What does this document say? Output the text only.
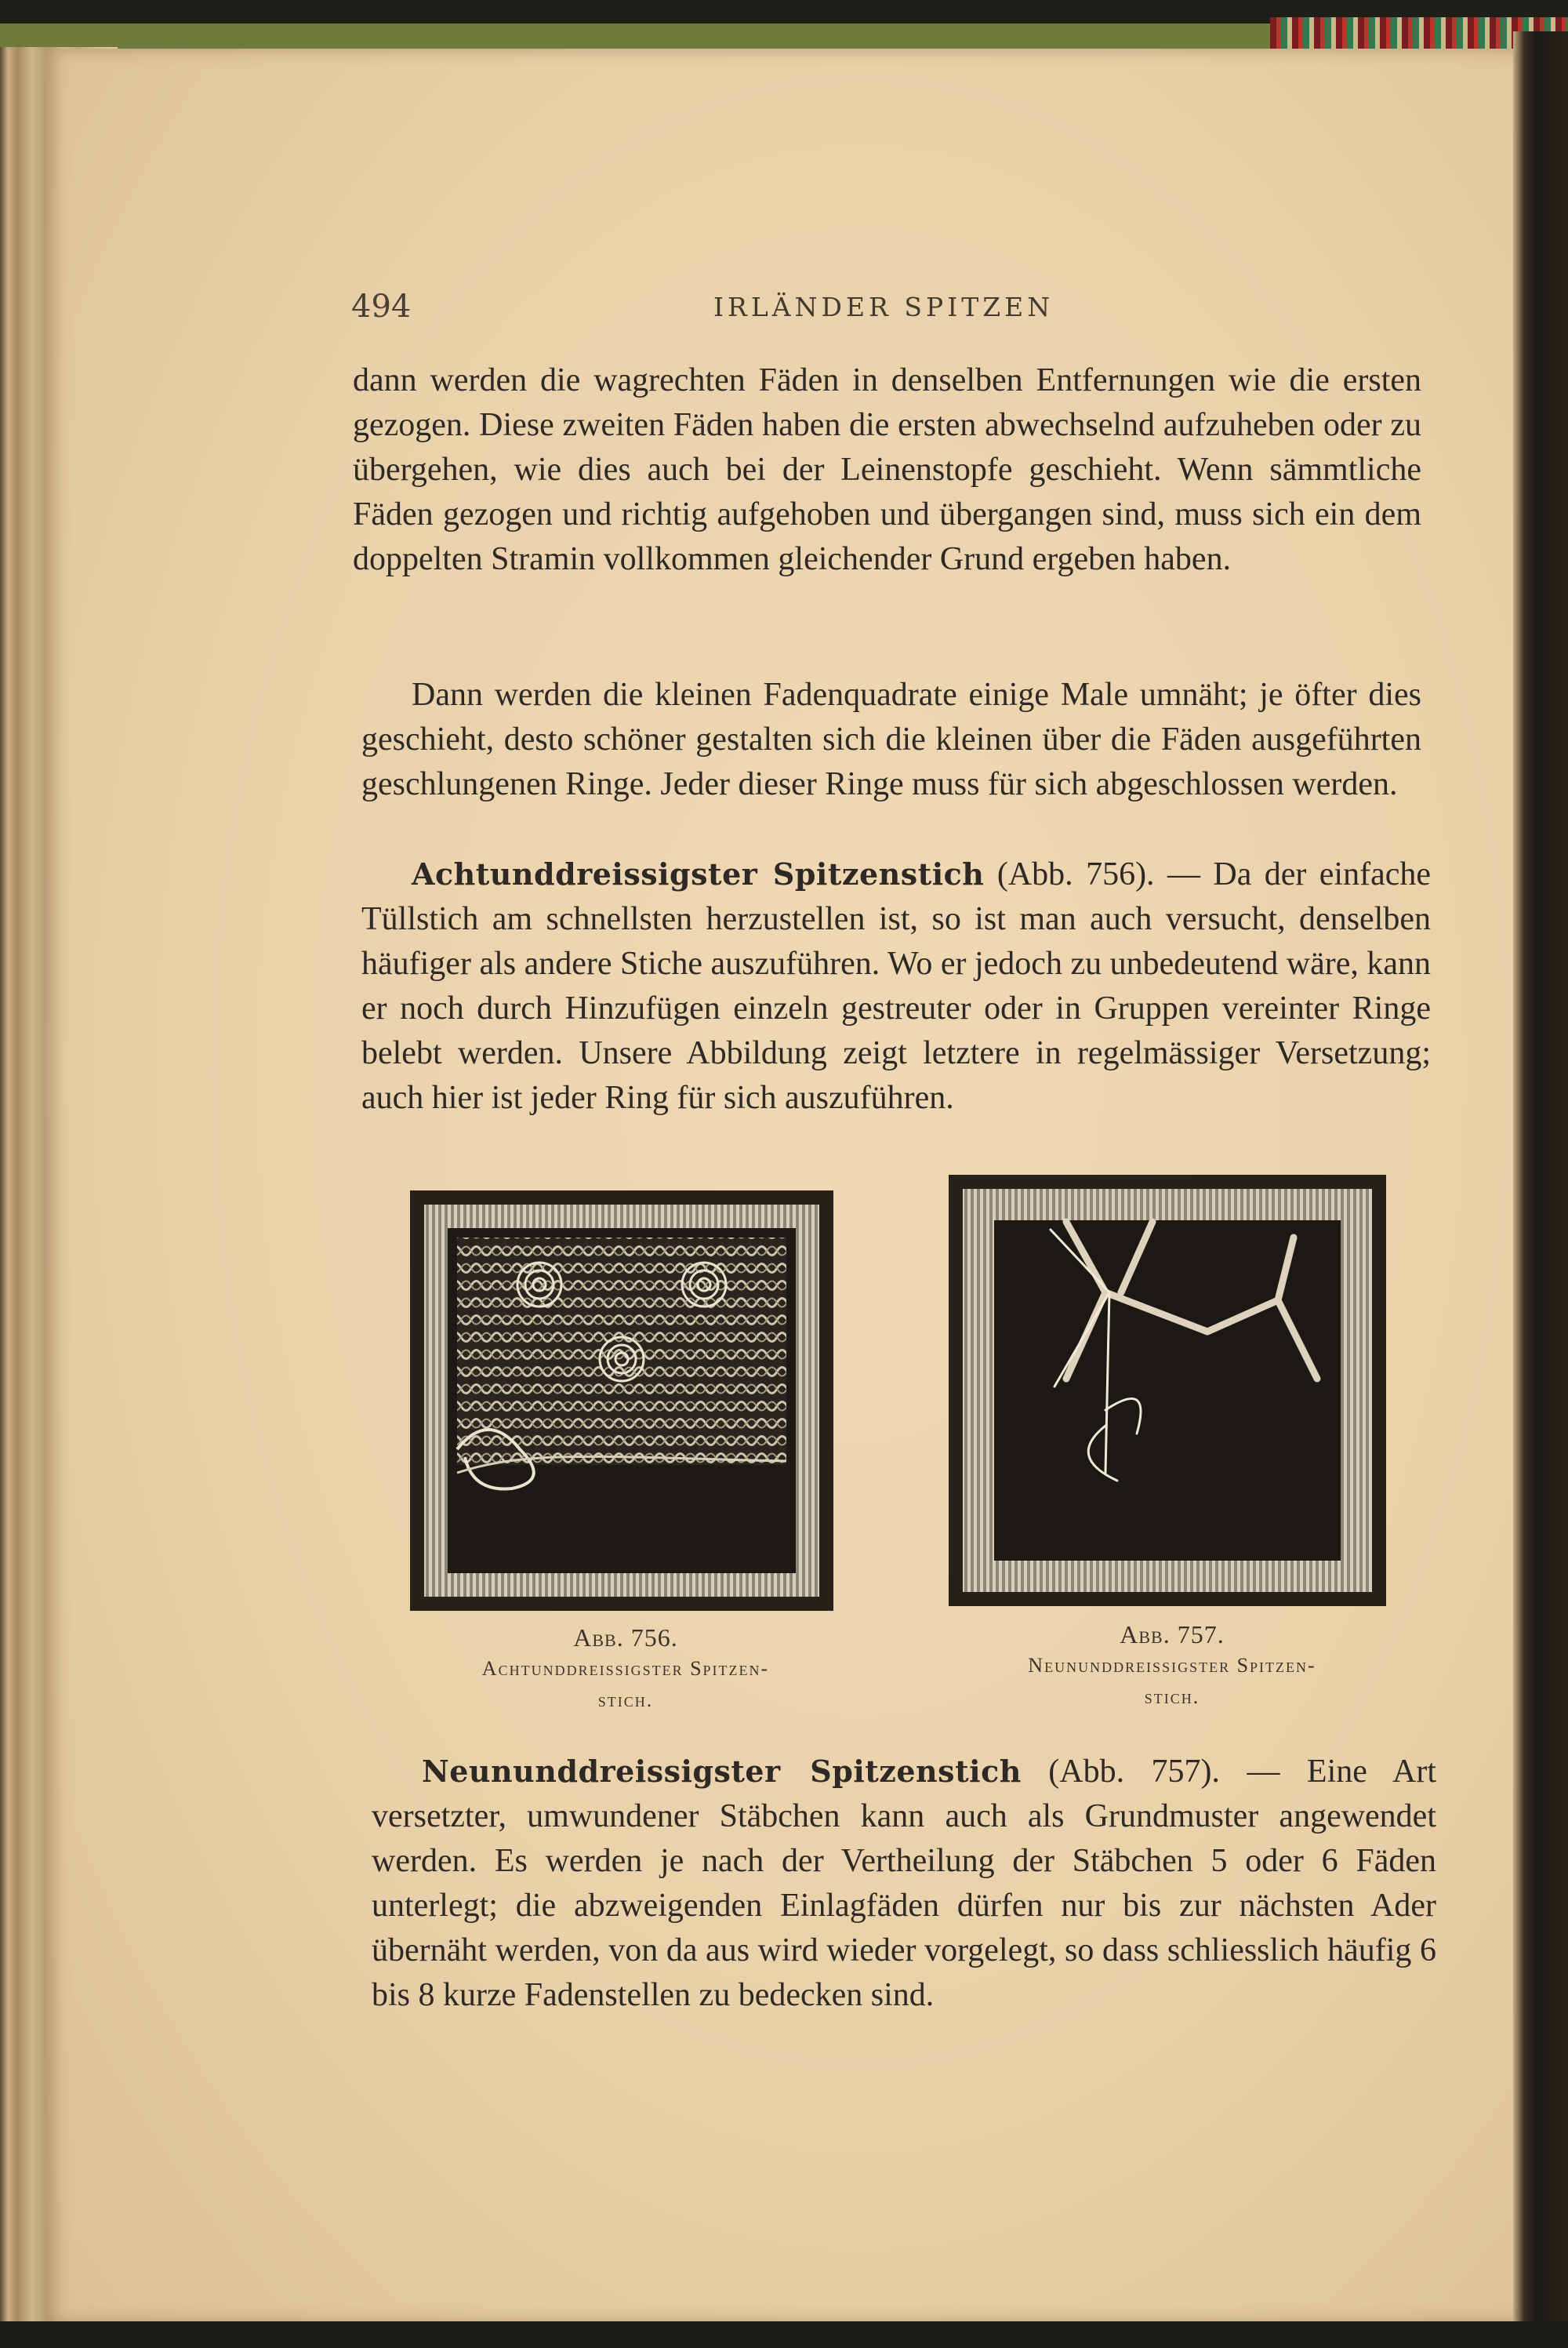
494	IRLÄNDER SPITZEN

dann werden die wagrechten Fäden in denselben Entfernungen wie die ersten gezogen. Diese zweiten Fäden haben die ersten abwechselnd aufzuheben oder zu übergehen, wie dies auch bei der Leinenstopfe geschieht. Wenn sämmtliche Fäden gezogen und richtig aufgehoben und übergangen sind, muss sich ein dem doppelten Stramin vollkommen gleichender Grund ergeben haben.

Dann werden die kleinen Fadenquadrate einige Male umnäht; je öfter dies geschieht, desto schöner gestalten sich die kleinen über die Fäden ausgeführten geschlungenen Ringe. Jeder dieser Ringe muss für sich abgeschlossen werden.

Achtunddreissigster Spitzenstich (Abb. 756). — Da der einfache Tüllstich am schnellsten herzustellen ist, so ist man auch versucht, denselben häufiger als andere Stiche auszuführen. Wo er jedoch zu unbedeutend wäre, kann er noch durch Hinzufügen einzeln gestreuter oder in Gruppen vereinter Ringe belebt werden. Unsere Abbildung zeigt letztere in regelmässiger Versetzung; auch hier ist jeder Ring für sich auszuführen.

Abb. 756.
Achtunddreissigster Spitzen-
stich.
Abb. 757.
Neununddreissigster Spitzen-
stich.

Neununddreissigster Spitzenstich (Abb. 757). — Eine Art versetzter, umwundener Stäbchen kann auch als Grundmuster angewendet werden. Es werden je nach der Vertheilung der Stäbchen 5 oder 6 Fäden unterlegt; die abzweigenden Einlagfäden dürfen nur bis zur nächsten Ader übernäht werden, von da aus wird wieder vorgelegt, so dass schliesslich häufig 6 bis 8 kurze Fadenstellen zu bedecken sind.
